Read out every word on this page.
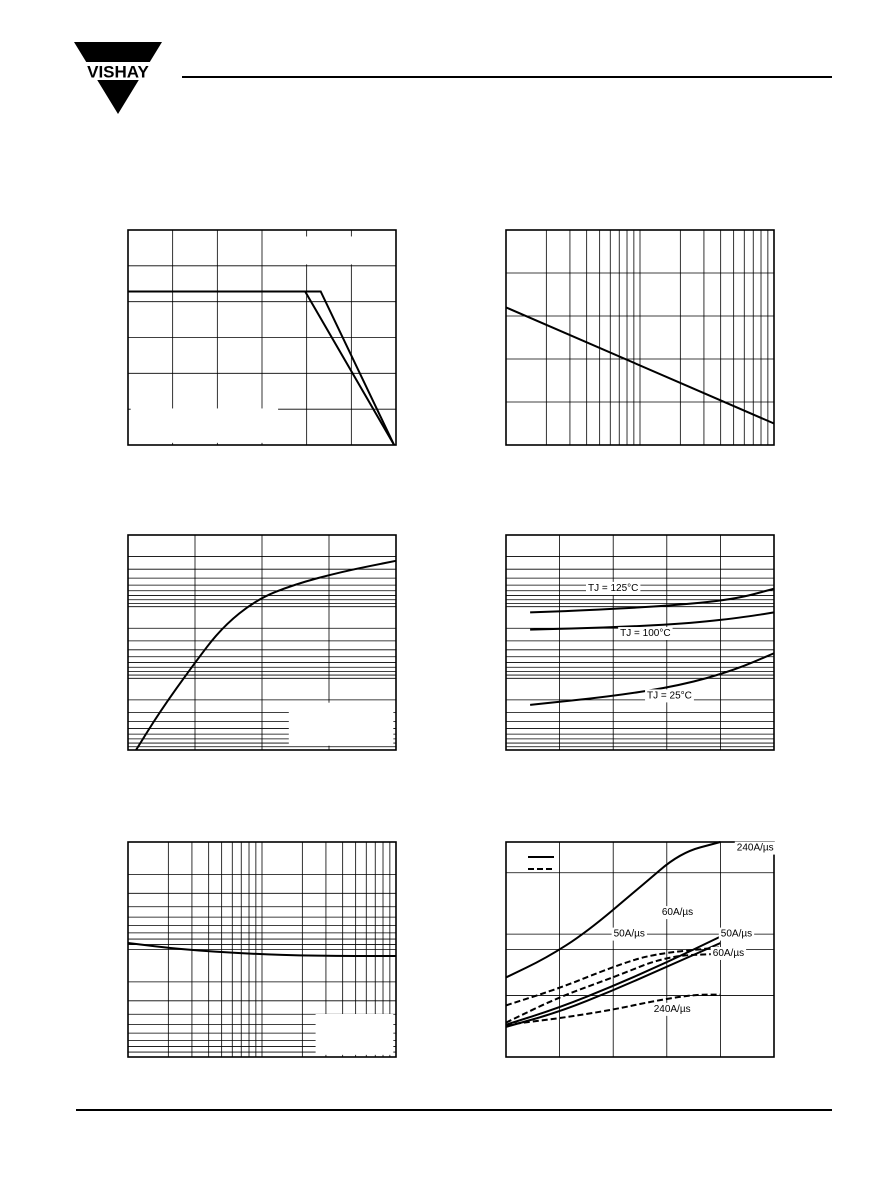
VISHAY
TJ = 125°C
TJ = 100°C
TJ = 25°C
240A/µs
60A/µs
50A/µs
50A/µs
60A/µs
240A/µs
